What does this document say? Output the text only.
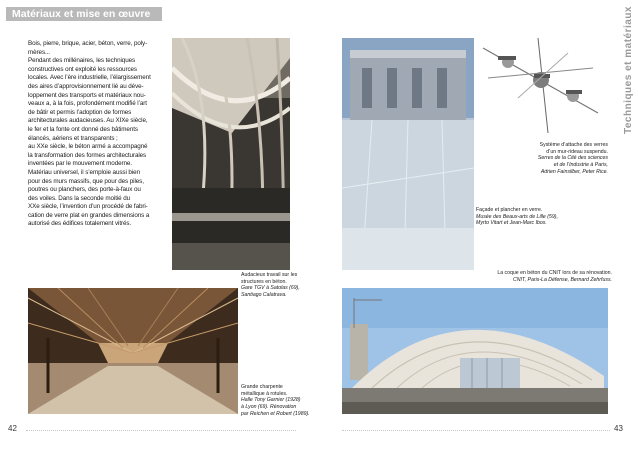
Matériaux et mise en œuvre	Techniques et matériaux

Bois, pierre, brique, acier, béton, verre, poly-

mères...

Pendant des millénaires, les techniques

constructives ont exploité les ressources

locales. Avec l’ère industrielle, l’élargissement

des aires d’approvisionnement lié au déve-

loppement des transports et matériaux nou-

veaux a, à la fois, profondément modifié l’art

de bâtir et permis l’adoption de formes

architecturales audacieuses. Au XIXe siècle,

le fer et la fonte ont donné des bâtiments

élancés, aériens et transparents ;

au XXe siècle, le béton armé a accompagné

la transformation des formes architecturales

inventées par le mouvement moderne.

Matériau universel, il s’emploie aussi bien

pour des murs massifs, que pour des piles,

poutres ou planchers, des porte-à-faux ou

des voiles. Dans la seconde moitié du

XXe siècle, l’invention d’un procédé de fabri-

cation de verre plat en grandes dimensions a

autorisé des édifices totalement vitrés.

Système d’attache des verres
d’un mur-rideau suspendu.
Serres de la Cité des sciences
et de l’Industrie à Paris,
Adrien Fainsilber, Peter Rice.
Façade et plancher en verre.
Musée des Beaux-arts de Lille (59),
Myrto Vitart et Jean-Marc Ibos.
Audacieux travail sur les
structures en béton.
Gare TGV à Satolas (69),
Santiago Calatrava.
La coque en béton du CNIT lors de sa rénovation.
CNIT, Paris-La Défense, Bernard Zehrfuss.
Grande charpente
métallique à rotules.
Halle Tony Garnier (1928)
à Lyon (69). Rénovation
par Reichen et Robert (1989).
42	43
